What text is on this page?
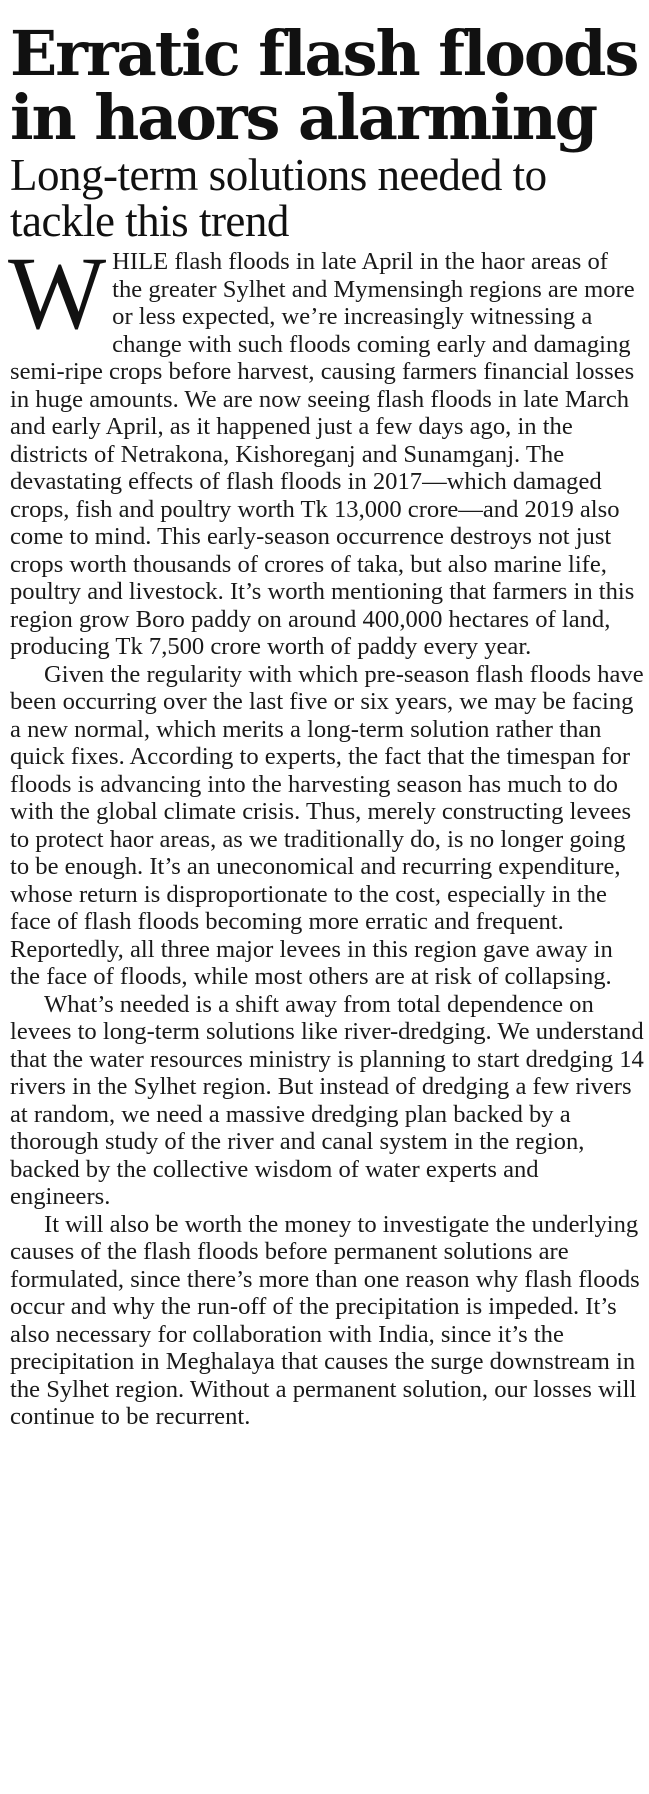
Erratic flash floods in haors alarming
Long-term solutions needed to tackle this trend

WHILE flash floods in late April in the haor areas of the greater Sylhet and Mymensingh regions are more or less expected, we’re increasingly witnessing a change with such floods coming early and damaging semi-ripe crops before harvest, causing farmers financial losses in huge amounts. We are now seeing flash floods in late March and early April, as it happened just a few days ago, in the districts of Netrakona, Kishoreganj and Sunamganj. The devastating effects of flash floods in 2017—which damaged crops, fish and poultry worth Tk 13,000 crore—and 2019 also come to mind. This early-season occurrence destroys not just crops worth thousands of crores of taka, but also marine life, poultry and livestock. It’s worth mentioning that farmers in this region grow Boro paddy on around 400,000 hectares of land, producing Tk 7,500 crore worth of paddy every year.

Given the regularity with which pre-season flash floods have been occurring over the last five or six years, we may be facing a new normal, which merits a long-term solution rather than quick fixes. According to experts, the fact that the timespan for floods is advancing into the harvesting season has much to do with the global climate crisis. Thus, merely constructing levees to protect haor areas, as we traditionally do, is no longer going to be enough. It’s an uneconomical and recurring expenditure, whose return is disproportionate to the cost, especially in the face of flash floods becoming more erratic and frequent. Reportedly, all three major levees in this region gave away in the face of floods, while most others are at risk of collapsing.

What’s needed is a shift away from total dependence on levees to long-term solutions like river-dredging. We understand that the water resources ministry is planning to start dredging 14 rivers in the Sylhet region. But instead of dredging a few rivers at random, we need a massive dredging plan backed by a thorough study of the river and canal system in the region, backed by the collective wisdom of water experts and engineers.

It will also be worth the money to investigate the underlying causes of the flash floods before permanent solutions are formulated, since there’s more than one reason why flash floods occur and why the run-off of the precipitation is impeded. It’s also necessary for collaboration with India, since it’s the precipitation in Meghalaya that causes the surge downstream in the Sylhet region. Without a permanent solution, our losses will continue to be recurrent.
